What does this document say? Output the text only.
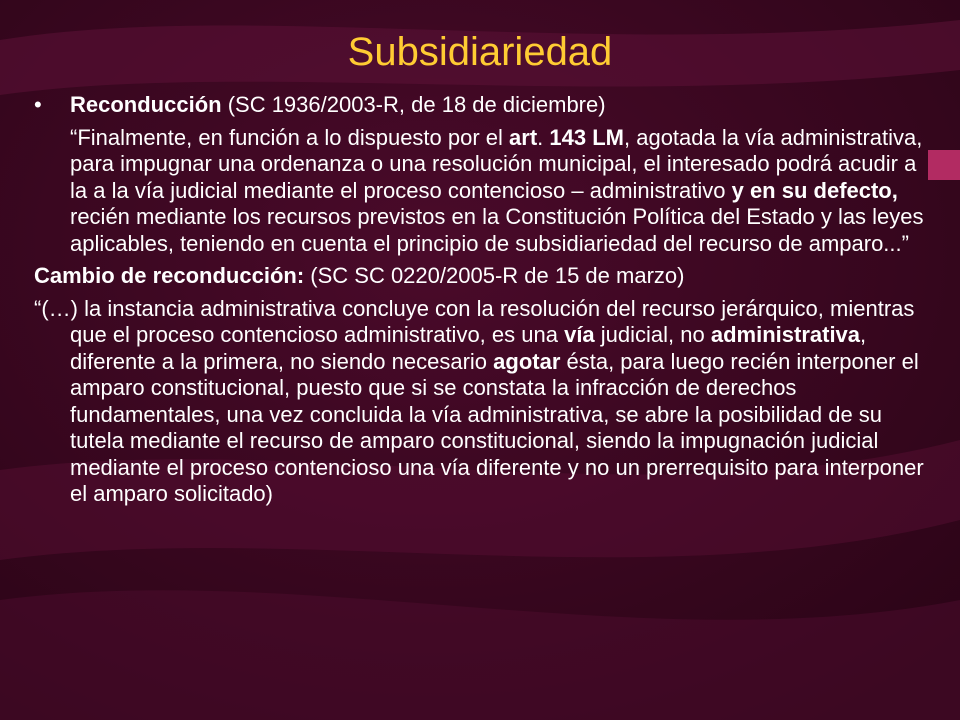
Subsidiariedad

• Reconducción (SC 1936/2003-R, de 18 de diciembre)

“Finalmente, en función a lo dispuesto por el art. 143 LM, agotada la vía administrativa, para impugnar una ordenanza o una resolución municipal, el interesado podrá acudir a la a la vía judicial mediante el proceso contencioso – administrativo y en su defecto, recién mediante los recursos previstos en la Constitución Política del Estado y las leyes aplicables, teniendo en cuenta el principio de subsidiariedad del recurso de amparo...”

Cambio de reconducción: (SC SC 0220/2005-R de 15 de marzo)

“(…) la instancia administrativa concluye con la resolución del recurso jerárquico, mientras que el proceso contencioso administrativo, es una vía judicial, no administrativa, diferente a la primera, no siendo necesario agotar ésta, para luego recién interponer el amparo constitucional, puesto que si se constata la infracción de derechos fundamentales, una vez concluida la vía administrativa, se abre la posibilidad de su tutela mediante el recurso de amparo constitucional, siendo la impugnación judicial mediante el proceso contencioso una vía diferente y no un prerrequisito para interponer el amparo solicitado)
